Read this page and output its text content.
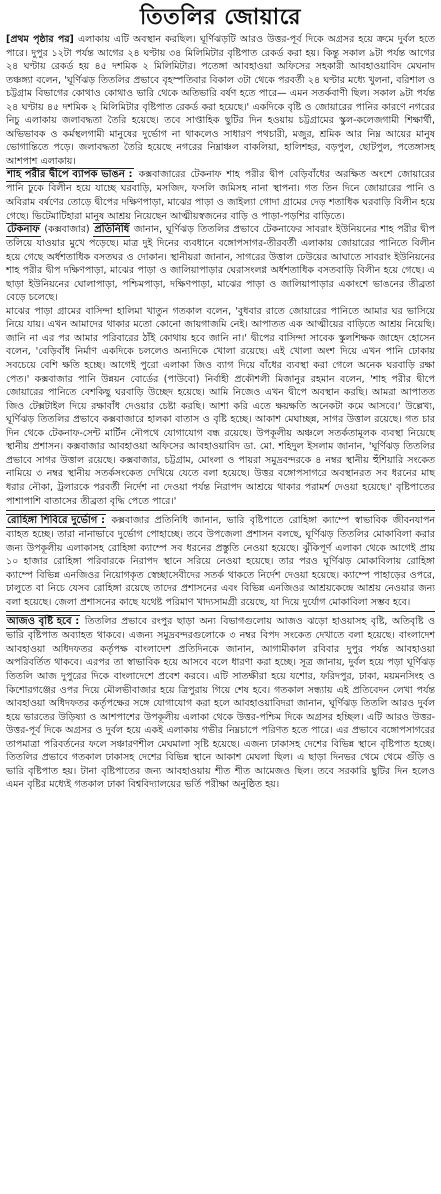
তিতলির জোয়ারে

[প্রথম পৃষ্ঠার পর] এলাকায় এটি অবস্থান করছিল। ঘূর্ণিঝড়টি আরও উত্তর-পূর্ব দিকে অগ্রসর হয়ে ক্রমে দুর্বল হতে পারে। দুপুর ১২টা পর্যন্ত আগের ২৪ ঘণ্টায় ৩৪ মিলিমিটার বৃষ্টিপাত রেকর্ড করা হয়। কিন্তু সকাল ৯টা পর্যন্ত আগের ২৪ ঘণ্টায় রেকর্ড হয় ৪৫ দশমিক ২ মিলিমিটার। পতেঙ্গা আবহাওয়া অফিসের সহকারী আবহাওয়াবিদ মেঘনাদ তঞ্চঙ্গ্যা বলেন, 'ঘূর্ণিঝড় তিতলির প্রভাবে বৃহস্পতিবার বিকাল ৩টা থেকে পরবর্তী ২৪ ঘণ্টার মধ্যে খুলনা, বরিশাল ও চট্টগ্রাম বিভাগের কোথাও কোথাও ভারি থেকে অতিভারি বর্ষণ হতে পারে— এমন সতর্কবাণী ছিল। সকাল ৯টা পর্যন্ত ২৪ ঘণ্টায় ৪৫ দশমিক ২ মিলিমিটার বৃষ্টিপাত রেকর্ড করা হয়েছে।' একদিকে বৃষ্টি ও জোয়ারের পানির কারণে নগরের নিচু এলাকায় জলাবদ্ধতা তৈরি হয়েছে। তবে সাপ্তাহিক ছুটির দিন হওয়ায় চট্টগ্রামের স্কুল-কলেজগামী শিক্ষার্থী, অভিভাবক ও কর্মস্থলগামী মানুষের দুর্ভোগ না থাকলেও সাধারণ পথচারী, মজুর, শ্রমিক আর নিম্ন আয়ের মানুষ ভোগান্তিতে পড়ে। জলাবদ্ধতা তৈরি হয়েছে নগরের নিম্নাঞ্চল বাকলিয়া, হালিশহর, বড়পুল, ছোটপুল, পতেঙ্গাসহ আশপাশ এলাকায়।

শাহ পরীর দ্বীপে ব্যাপক ভাঙন : কক্সবাজারের টেকনাফ শাহ পরীর দ্বীপ বেড়িবাঁধের অরক্ষিত অংশে জোয়ারের পানি ঢুকে বিলীন হয়ে যাচ্ছে ঘরবাড়ি, মসজিদ, ফসলি জমিসহ নানা স্থাপনা। গত তিন দিনে জোয়ারের পানি ও অবিরাম বর্ষণের তোড়ে দ্বীপের দক্ষিণপাড়া, মাঝের পাড়া ও জাইল্যা গোদা গ্রামের দেড় শতাধিক ঘরবাড়ি বিলীন হয়ে গেছে। ভিটেমাটিহারা মানুষ আশ্রয় নিয়েছেন আত্মীয়স্বজনের বাড়ি ও পাড়া-পড়শির বাড়িতে।

টেকনাফ (কক্সবাজার) প্রতিনিধি জানান, ঘূর্ণিঝড় তিতলির প্রভাবে টেকনাফের সাবরাং ইউনিয়নের শাহ পরীর দ্বীপ তলিয়ে যাওয়ার মুখে পড়েছে। মাত্র দুই দিনের ব্যবধানে বঙ্গোপসাগর-তীরবর্তী এলাকায় জোয়ারের পানিতে বিলীন হয়ে গেছে অর্ধশতাধিক বসতঘর ও দোকান। স্থানীয়রা জানান, সাগরের উত্তাল ঢেউয়ের আঘাতে সাবরাং ইউনিয়নের শাহ পরীর দ্বীপ দক্ষিণপাড়া, মাঝের পাড়া ও জালিয়াপাড়ার ঘেরাসংলগ্ন অর্ধশতাধিক বসতবাড়ি বিলীন হয়ে গেছে। এ ছাড়া ইউনিয়নের ঘোলাপাড়া, পশ্চিমপাড়া, দক্ষিণপাড়া, মাঝের পাড়া ও জালিয়াপাড়ার একাংশে ভাঙনের তীব্রতা বেড়ে চলেছে।

মাঝের পাড়া গ্রামের বাসিন্দা হালিমা খাতুন গতকাল বলেন, 'বুধবার রাতে জোয়ারের পানিতে আমার ঘর ভাসিয়ে নিয়ে যায়। এখন আমাদের থাকার মতো কোনো জায়গাজমি নেই। আপাতত এক আত্মীয়ের বাড়িতে আশ্রয় নিয়েছি। জানি না এর পর আমার পরিবারের ঠাঁই কোথায় হবে জানি না।' দ্বীপের বাসিন্দা সাবেক স্কুলশিক্ষক জাহেদ হোসেন বলেন, 'বেড়িবাঁধ নির্মাণ একদিকে চললেও অন্যদিকে খোলা রয়েছে। এই খোলা অংশ দিয়ে এখন পানি ঢোকায় সবচেয়ে বেশি ক্ষতি হচ্ছে। আগেই পুরো এলাকা জিও ব্যাগ দিয়ে বাঁধের ব্যবস্থা করা গেলে অনেক ঘরবাড়ি রক্ষা পেত।' কক্সবাজার পানি উন্নয়ন বোর্ডের (পাউবো) নির্বাহী প্রকৌশলী মিজানুর রহমান বলেন, 'শাহ পরীর দ্বীপে জোয়ারের পানিতে বেশকিছু ঘরবাড়ি উচ্ছেদ হয়েছে। আমি নিজেও এখন দ্বীপে অবস্থান করছি। আমরা আপাতত জিও টেক্সটাইল দিয়ে রক্ষাবাঁধ দেওয়ার চেষ্টা করছি। আশা করি এতে ক্ষয়ক্ষতি অনেকটা কমে আসবে।' উল্লেখ্য, ঘূর্ণিঝড় তিতলির প্রভাবে কক্সবাজারে হালকা বাতাস ও বৃষ্টি হচ্ছে। আকাশ মেঘাচ্ছন্ন, সাগর উত্তাল রয়েছে। গত চার দিন থেকে টেকনাফ-সেন্ট মার্টিন নৌপথে যোগাযোগ বন্ধ রয়েছে। উপকূলীয় অঞ্চলে সতর্কতামূলক ব্যবস্থা নিয়েছে স্থানীয় প্রশাসন। কক্সবাজার আবহাওয়া অফিসের আবহাওয়াবিদ ডা. মো. শহিদুল ইসলাম জানান, 'ঘূর্ণিঝড় তিতলির প্রভাবে সাগর উত্তাল রয়েছে। কক্সবাজার, চট্টগ্রাম, মোংলা ও পায়রা সমুদ্রবন্দরকে ৪ নম্বর স্থানীয় হুঁশিয়ারি সংকেত নামিয়ে ৩ নম্বর স্থানীয় সতর্কসংকেত দেখিয়ে যেতে বলা হয়েছে। উত্তর বঙ্গোপসাগরে অবস্থানরত সব ধরনের মাছ ধরার নৌকা, ট্রলারকে পরবর্তী নির্দেশ না দেওয়া পর্যন্ত নিরাপদ আশ্রয়ে থাকার পরামর্শ দেওয়া হয়েছে।' বৃষ্টিপাতের পাশাপাশি বাতাসের তীব্রতা বৃদ্ধি পেতে পারে।'

রোহিঙ্গা শিবিরে দুর্ভোগ : কক্সবাজার প্রতিনিধি জানান, ভারি বৃষ্টিপাতে রোহিঙ্গা ক্যাম্পে স্বাভাবিক জীবনযাপন ব্যাহত হচ্ছে। তারা নানাভাবে দুর্ভোগ পোহাচ্ছে। তবে উপজেলা প্রশাসন বলছে, ঘূর্ণিঝড় তিতলির মোকাবিলা করার জন্য উপকূলীয় এলাকাসহ রোহিঙ্গা ক্যাম্পে সব ধরনের প্রস্তুতি নেওয়া হয়েছে। ঝুঁকিপূর্ণ এলাকা থেকে আগেই প্রায় ১০ হাজার রোহিঙ্গা পরিবারকে নিরাপদ স্থানে সরিয়ে নেওয়া হয়েছে। তার পরও ঘূর্ণিঝড় মোকাবিলায় রোহিঙ্গা ক্যাম্পে বিভিন্ন এনজিওর নিয়োগকৃত স্বেচ্ছাসেবীদের সতর্ক থাকতে নির্দেশ দেওয়া হয়েছে। ক্যাম্পে পাহাড়ের ওপরে, ঢালুতে বা নিচে যেসব রোহিঙ্গা রয়েছে তাদের প্রশাসনের এবং বিভিন্ন এনজিওর আশ্রয়কেন্দ্রে আশ্রয় নেওয়ার জন্য বলা হয়েছে। জেলা প্রশাসনের কাছে যথেষ্ট পরিমাণ খাদ্যসামগ্রী রয়েছে, যা দিয়ে দুর্যোগ মোকাবিলা সম্ভব হবে।

আজও বৃষ্টি হবে : তিতলির প্রভাবে রংপুর ছাড়া অন্য বিভাগগুলোয় আজও ঝড়ো হাওয়াসহ বৃষ্টি, অতিবৃষ্টি ও ভারি বৃষ্টিপাত অব্যাহত থাকবে। এজন্য সমুদ্রবন্দরগুলোকে ৩ নম্বর বিপদ সংকেত দেখাতে বলা হয়েছে। বাংলাদেশ আবহাওয়া অধিদফতর কর্তৃপক্ষ বাংলাদেশ প্রতিদিনকে জানান, আগামীকাল রবিবার দুপুর পর্যন্ত আবহাওয়া অপরিবর্তিত থাকবে। এরপর তা স্বাভাবিক হয়ে আসবে বলে ধারণা করা হচ্ছে। সূত্র জানায়, দুর্বল হয়ে পড়া ঘূর্ণিঝড় তিতলি আজ দুপুরের দিকে বাংলাদেশে প্রবেশ করবে। এটি সাতক্ষীরা হয়ে যশোর, ফরিদপুর, ঢাকা, ময়মনসিংহ ও কিশোরগঞ্জের ওপর দিয়ে মৌলভীবাজার হয়ে ত্রিপুরায় গিয়ে শেষ হবে। গতকাল সন্ধ্যায় এই প্রতিবেদন লেখা পর্যন্ত আবহাওয়া অধিদফতর কর্তৃপক্ষের সঙ্গে যোগাযোগ করা হলে আবহাওয়াবিদরা জানান, ঘূর্ণিঝড় তিতলি আরও দুর্বল হয়ে ভারতের উড়িষ্যা ও আশপাশের উপকূলীয় এলাকা থেকে উত্তর-পশ্চিম দিকে অগ্রসর হচ্ছিল। এটি আরও উত্তর-উত্তর-পূর্ব দিকে অগ্রসর ও দুর্বল হয়ে একই এলাকায় গভীর নিম্নচাপে পরিণত হতে পারে। এর প্রভাবে বঙ্গোপসাগরের তাপমাত্রা পরিবর্তনের ফলে সঞ্চারণশীল মেঘমালা সৃষ্টি হয়েছে। এজন্য ঢাকাসহ দেশের বিভিন্ন স্থানে বৃষ্টিপাত হচ্ছে। তিতলির প্রভাবে গতকাল ঢাকাসহ দেশের বিভিন্ন স্থানে আকাশ মেঘলা ছিল। এ ছাড়া দিনভর থেমে থেমে গুঁড়ি ও ভারি বৃষ্টিপাত হয়। টানা বৃষ্টিপাতের জন্য আবহাওয়ায় শীত শীত আমেজও ছিল। তবে সরকারি ছুটির দিন হলেও এমন বৃষ্টির মধ্যেই গতকাল ঢাকা বিশ্ববিদ্যালয়ের ভর্তি পরীক্ষা অনুষ্ঠিত হয়।
